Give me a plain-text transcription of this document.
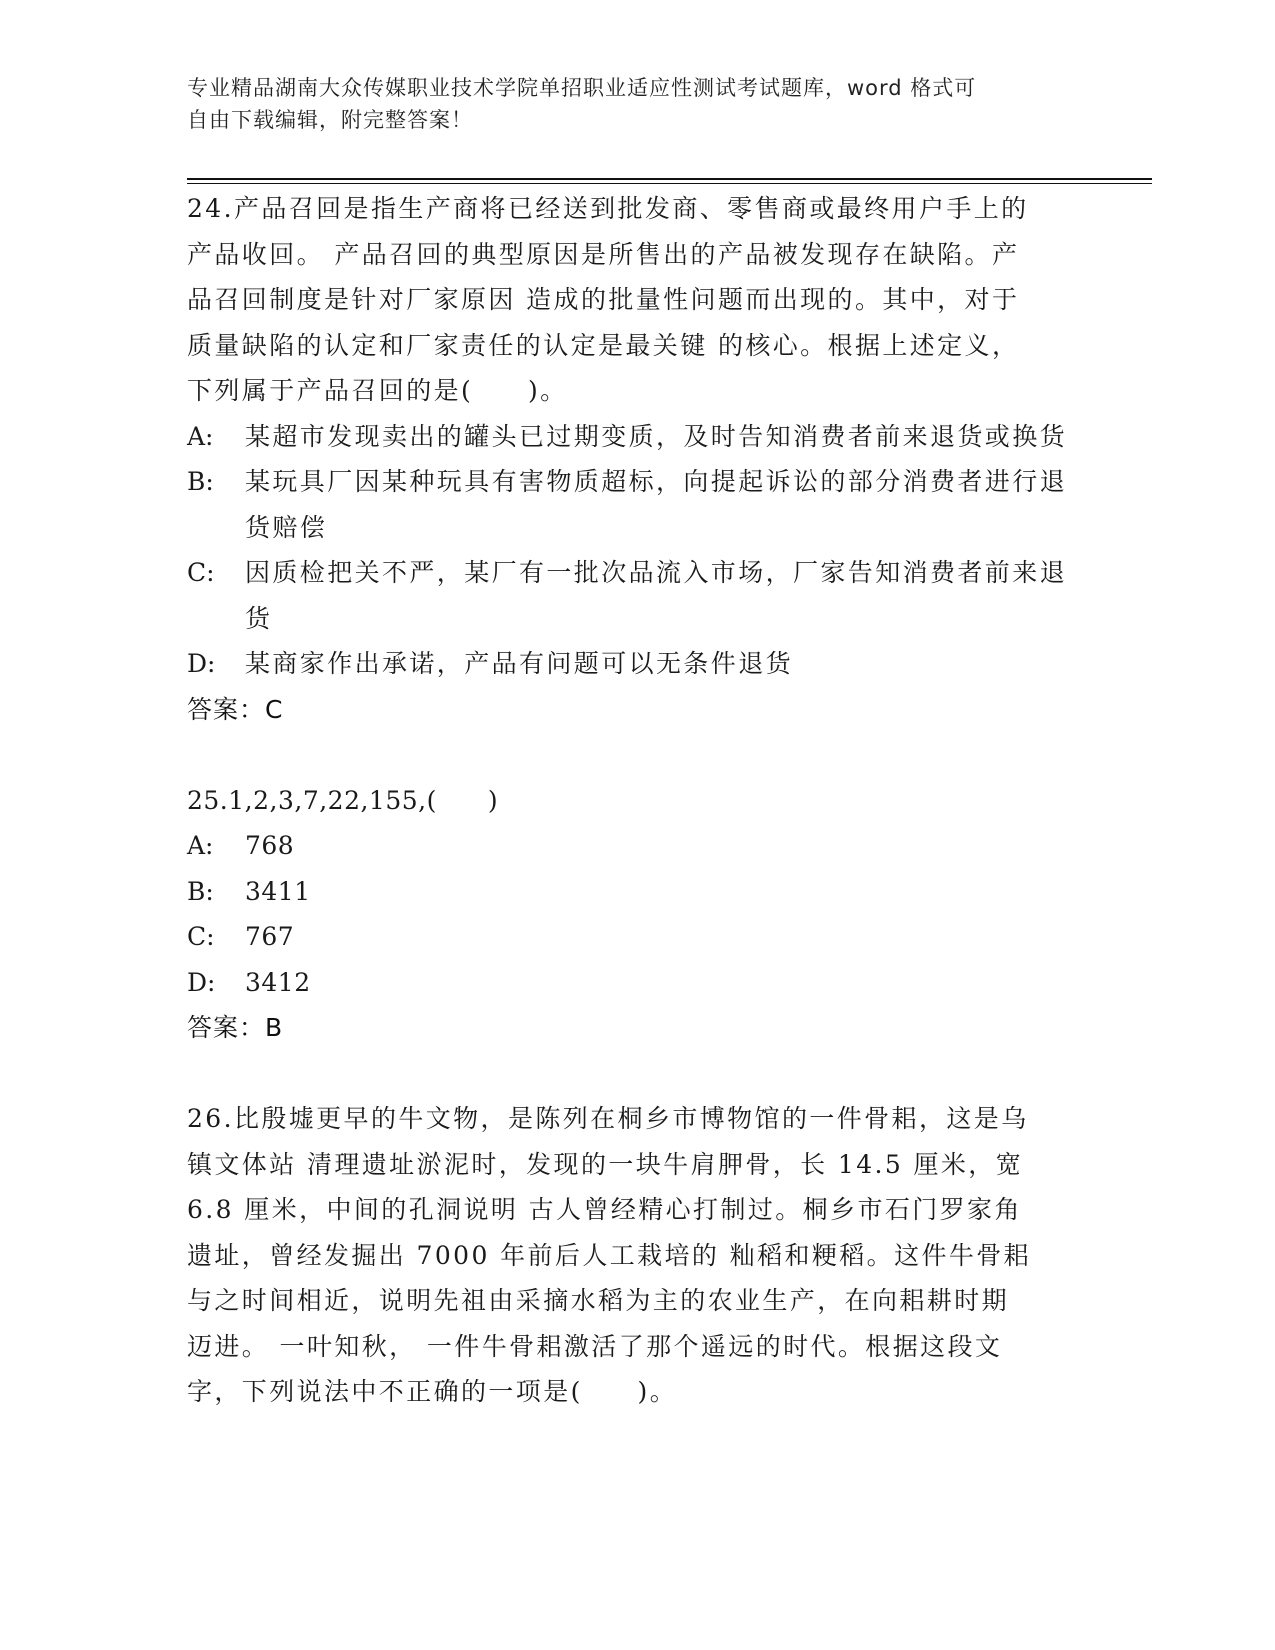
专业精品湖南大众传媒职业技术学院单招职业适应性测试考试题库，word 格式可
自由下载编辑，附完整答案！

24.产品召回是指生产商将已经送到批发商、零售商或最终用户手上的

产品收回。 产品召回的典型原因是所售出的产品被发现存在缺陷。产

品召回制度是针对厂家原因 造成的批量性问题而出现的。其中，对于

质量缺陷的认定和厂家责任的认定是最关键 的核心。根据上述定义，

下列属于产品召回的是(　　)。

A: 某超市发现卖出的罐头已过期变质，及时告知消费者前来退货或换货

B: 某玩具厂因某种玩具有害物质超标，向提起诉讼的部分消费者进行退货赔偿

C: 因质检把关不严，某厂有一批次品流入市场，厂家告知消费者前来退货

D: 某商家作出承诺，产品有问题可以无条件退货

答案：C

25.1,2,3,7,22,155,(　　)

A: 768

B: 3411

C: 767

D: 3412

答案：B

26.比殷墟更早的牛文物，是陈列在桐乡市博物馆的一件骨耜，这是乌

镇文体站 清理遗址淤泥时，发现的一块牛肩胛骨，长 14.5 厘米，宽

6.8 厘米，中间的孔洞说明 古人曾经精心打制过。桐乡市石门罗家角

遗址，曾经发掘出 7000 年前后人工栽培的 籼稻和粳稻。这件牛骨耜

与之时间相近，说明先祖由采摘水稻为主的农业生产，在向耜耕时期

迈进。 一叶知秋， 一件牛骨耜激活了那个遥远的时代。根据这段文

字，下列说法中不正确的一项是(　　)。
